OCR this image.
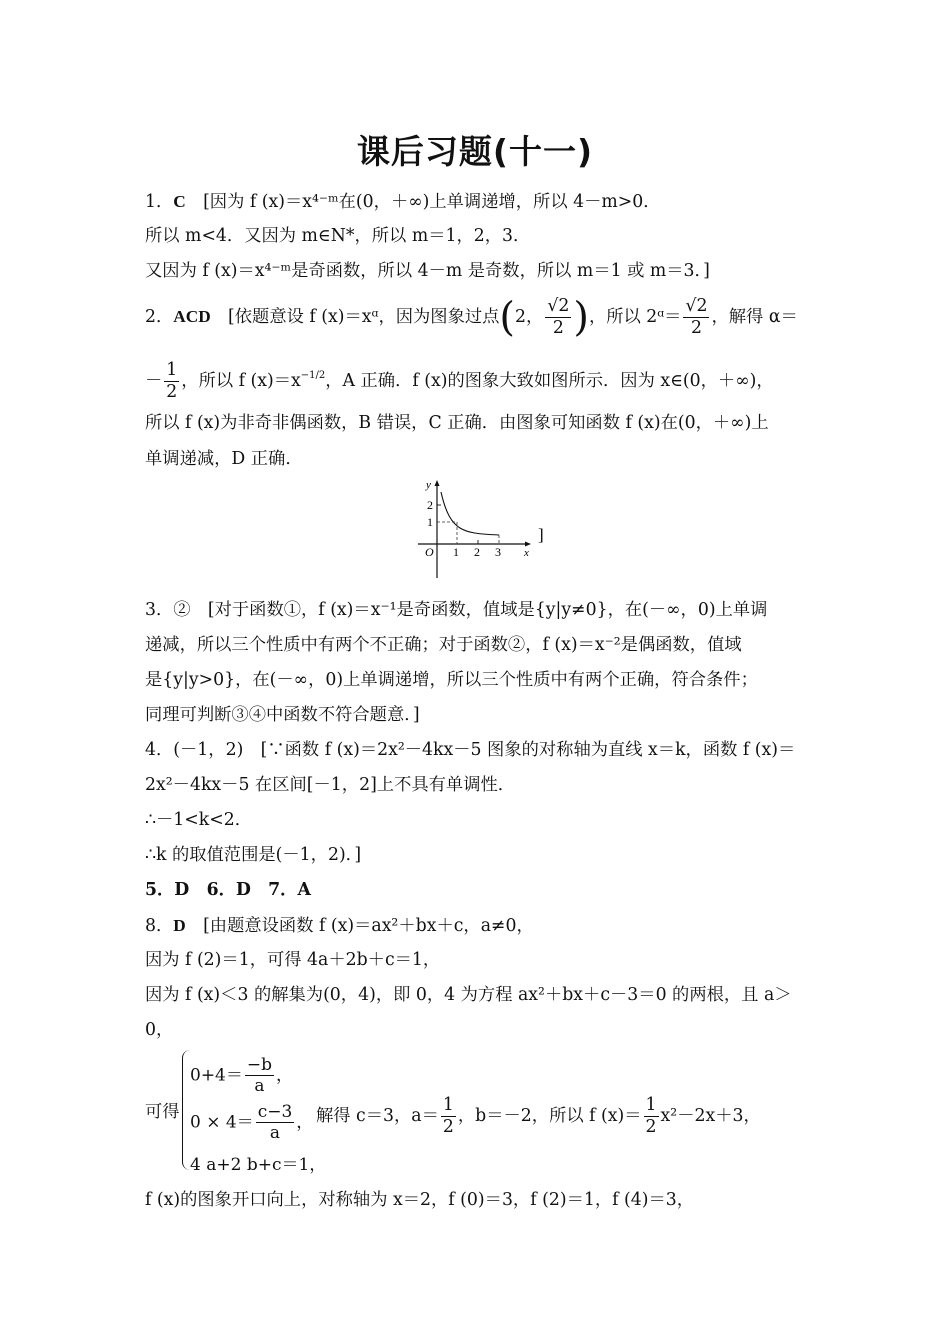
课后习题(十一)
1．C　 [因为 f (x)＝x⁴⁻ᵐ在(0，＋∞)上单调递增，所以 4－m>0．
所以 m<4．又因为 m∈N*，所以 m＝1，2，3．
又因为 f (x)＝x⁴⁻ᵐ是奇函数，所以 4－m 是奇数，所以 m＝1 或 m＝3．]
2．ACD　 [依题意设 f (x)＝xᵅ，因为图象过点(2， $\frac{√2}{2}$ )，所以 2ᵅ＝ $\frac{√2}{2}$ ，解得 α＝
－ $\frac{1}{2}$ ，所以 f $(x)=x^{-1/2}$，A 正确．f (x)的图象大致如图所示．因为 x∈(0，＋∞)，
所以 f (x)为非奇非偶函数，B 错误，C 正确．由图象可知函数 f (x)在(0，＋∞)上
单调递减，D 正确．
y
x
O
1
2
1 2 3
]
3．②　 [对于函数①，f (x)＝x⁻¹是奇函数，值域是{y|y≠0}，在(－∞，0)上单调
递减，所以三个性质中有两个不正确；对于函数②，f (x)＝x⁻²是偶函数，值域
是{y|y>0}，在(－∞，0)上单调递增，所以三个性质中有两个正确，符合条件；
同理可判断③④中函数不符合题意．]
4．(－1，2)　 [∵函数 f (x)＝2x²－4kx－5 图象的对称轴为直线 x＝k，函数 f (x)＝
2x²－4kx－5 在区间[－1，2]上不具有单调性．
∴－1<k<2．
∴k 的取值范围是(－1，2)．]
5．D　6．D　7．A
8．D　 [由题意设函数 f (x)＝ax²＋bx＋c，a≠0，
因为 f (2)＝1，可得 4a＋2b＋c＝1，
因为 f (x)＜3 的解集为(0，4)，即 0，4 为方程 ax²＋bx＋c－3＝0 的两根，且 a＞
0，
可得
$0+4= \frac{-b}{a}$ ，
$0 \times 4= \frac{c-3}{a}$ ，
4 a+2 b+c＝1，
解得 c＝3，$a= \frac{1}{2}$ ，b＝－2，所以 f $(x)= \frac{1}{2} x^2-2x+3$，
f (x)的图象开口向上，对称轴为 x＝2，f (0)＝3，f (2)＝1，f (4)＝3，
